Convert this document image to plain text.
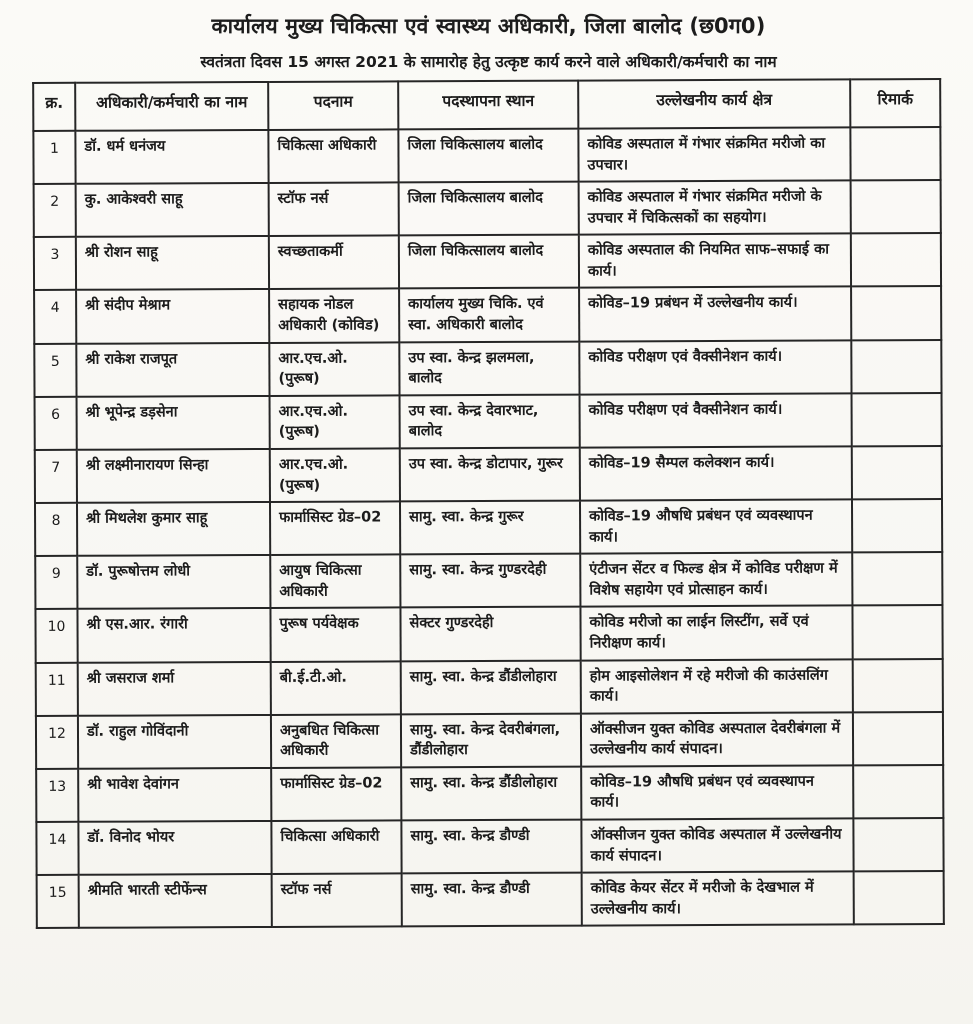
कार्यालय मुख्य चिकित्सा एवं स्वास्थ्य अधिकारी, जिला बालोद (छ0ग0)
स्वतंत्रता दिवस 15 अगस्त 2021 के सामारोह हेतु उत्कृष्ट कार्य करने वाले अधिकारी/कर्मचारी का नाम
क्र.	अधिकारी/कर्मचारी का नाम	पदनाम	पदस्थापना स्थान	उल्लेखनीय कार्य क्षेत्र	रिमार्क
1	डॉ. धर्म धनंजय	चिकित्सा अधिकारी	जिला चिकित्सालय बालोद	कोविड अस्पताल में गंभार संक्रमित मरीजो का उपचार।	
2	कु. आकेश्वरी साहू	स्टॉफ नर्स	जिला चिकित्सालय बालोद	कोविड अस्पताल में गंभार संक्रमित मरीजो के उपचार में चिकित्सकों का सहयोग।	
3	श्री रोशन साहू	स्वच्छताकर्मी	जिला चिकित्सालय बालोद	कोविड अस्पताल की नियमित साफ–सफाई का कार्य।	
4	श्री संदीप मेश्राम	सहायक नोडल अधिकारी (कोविड)	कार्यालय मुख्य चिकि. एवं स्वा. अधिकारी बालोद	कोविड–19 प्रबंधन में उल्लेखनीय कार्य।	
5	श्री राकेश राजपूत	आर.एच.ओ. (पुरूष)	उप स्वा. केन्द्र झलमला, बालोद	कोविड परीक्षण एवं वैक्सीनेशन कार्य।	
6	श्री भूपेन्द्र डड़सेना	आर.एच.ओ. (पुरूष)	उप स्वा. केन्द्र देवारभाट, बालोद	कोविड परीक्षण एवं वैक्सीनेशन कार्य।	
7	श्री लक्ष्मीनारायण सिन्हा	आर.एच.ओ. (पुरूष)	उप स्वा. केन्द्र डोटापार, गुरूर	कोविड–19 सैम्पल कलेक्शन कार्य।	
8	श्री मिथलेश कुमार साहू	फार्मासिस्ट ग्रेड–02	सामु. स्वा. केन्द्र गुरूर	कोविड–19 औषधि प्रबंधन एवं व्यवस्थापन कार्य।	
9	डॉ. पुरूषोत्तम लोधी	आयुष चिकित्सा अधिकारी	सामु. स्वा. केन्द्र गुण्डरदेही	एंटीजन सेंटर व फिल्ड क्षेत्र में कोविड परीक्षण में विशेष सहायेग एवं प्रोत्साहन कार्य।	
10	श्री एस.आर. रंगारी	पुरूष पर्यवेक्षक	सेक्टर गुण्डरदेही	कोविड मरीजो का लाईन लिस्टींग, सर्वे एवं निरीक्षण कार्य।	
11	श्री जसराज शर्मा	बी.ई.टी.ओ.	सामु. स्वा. केन्द्र डौंडीलोहारा	होम आइसोलेशन में रहे मरीजो की काउंसलिंग कार्य।	
12	डॉ. राहुल गोविंदानी	अनुबधित चिकित्सा अधिकारी	सामु. स्वा. केन्द्र देवरीबंगला, डौंडीलोहारा	ऑक्सीजन युक्त कोविड अस्पताल देवरीबंगला में उल्लेखनीय कार्य संपादन।	
13	श्री भावेश देवांगन	फार्मासिस्ट ग्रेड–02	सामु. स्वा. केन्द्र डौंडीलोहारा	कोविड–19 औषधि प्रबंधन एवं व्यवस्थापन कार्य।	
14	डॉ. विनोद भोयर	चिकित्सा अधिकारी	सामु. स्वा. केन्द्र डौण्डी	ऑक्सीजन युक्त कोविड अस्पताल में उल्लेखनीय कार्य संपादन।	
15	श्रीमति भारती स्टीफेंन्स	स्टॉफ नर्स	सामु. स्वा. केन्द्र डौण्डी	कोविड केयर सेंटर में मरीजो के देखभाल में उल्लेखनीय कार्य।	
